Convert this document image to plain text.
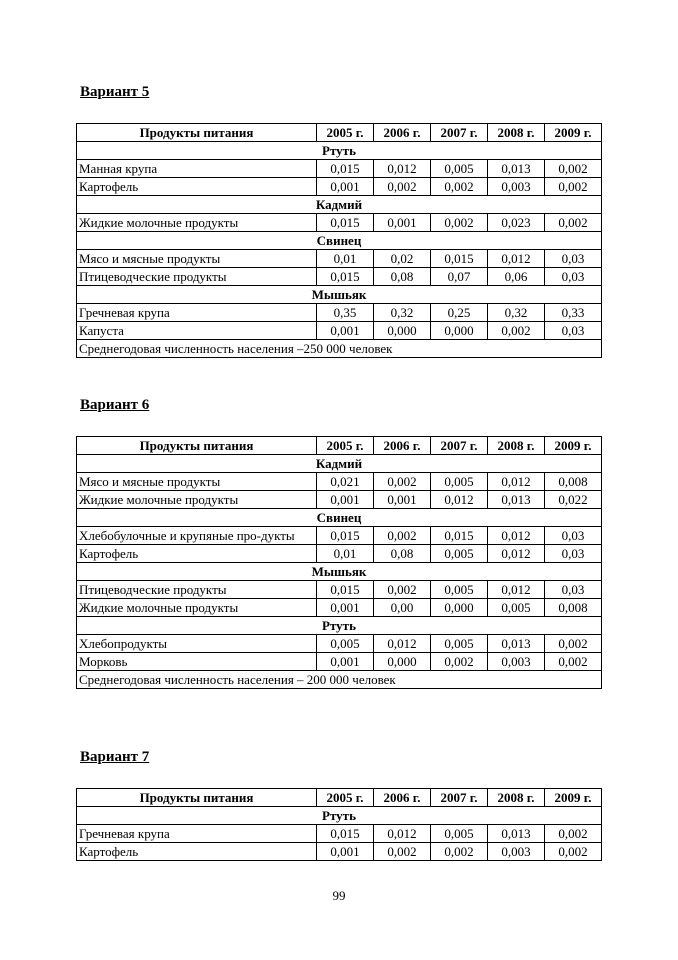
Вариант 5
Продукты питания	2005 г.	2006 г.	2007 г.	2008 г.	2009 г.
Ртуть					
Манная крупа	0,015	0,012	0,005	0,013	0,002
Картофель	0,001	0,002	0,002	0,003	0,002
Кадмий					
Жидкие молочные продукты	0,015	0,001	0,002	0,023	0,002
Свинец					
Мясо и мясные продукты	0,01	0,02	0,015	0,012	0,03
Птицеводческие продукты	0,015	0,08	0,07	0,06	0,03
Мышьяк					
Гречневая крупа	0,35	0,32	0,25	0,32	0,33
Капуста	0,001	0,000	0,000	0,002	0,03
Среднегодовая численность населения –250 000 человек					
Вариант 6
Продукты питания	2005 г.	2006 г.	2007 г.	2008 г.	2009 г.
Кадмий					
Мясо и мясные продукты	0,021	0,002	0,005	0,012	0,008
Жидкие молочные продукты	0,001	0,001	0,012	0,013	0,022
Свинец					
Хлебобулочные и крупяные про-дукты	0,015	0,002	0,015	0,012	0,03
Картофель	0,01	0,08	0,005	0,012	0,03
Мышьяк					
Птицеводческие продукты	0,015	0,002	0,005	0,012	0,03
Жидкие молочные продукты	0,001	0,00	0,000	0,005	0,008
Ртуть					
Хлебопродукты	0,005	0,012	0,005	0,013	0,002
Морковь	0,001	0,000	0,002	0,003	0,002
Среднегодовая численность населения – 200 000 человек					
Вариант 7
Продукты питания	2005 г.	2006 г.	2007 г.	2008 г.	2009 г.
Ртуть					
Гречневая крупа	0,015	0,012	0,005	0,013	0,002
Картофель	0,001	0,002	0,002	0,003	0,002
99
